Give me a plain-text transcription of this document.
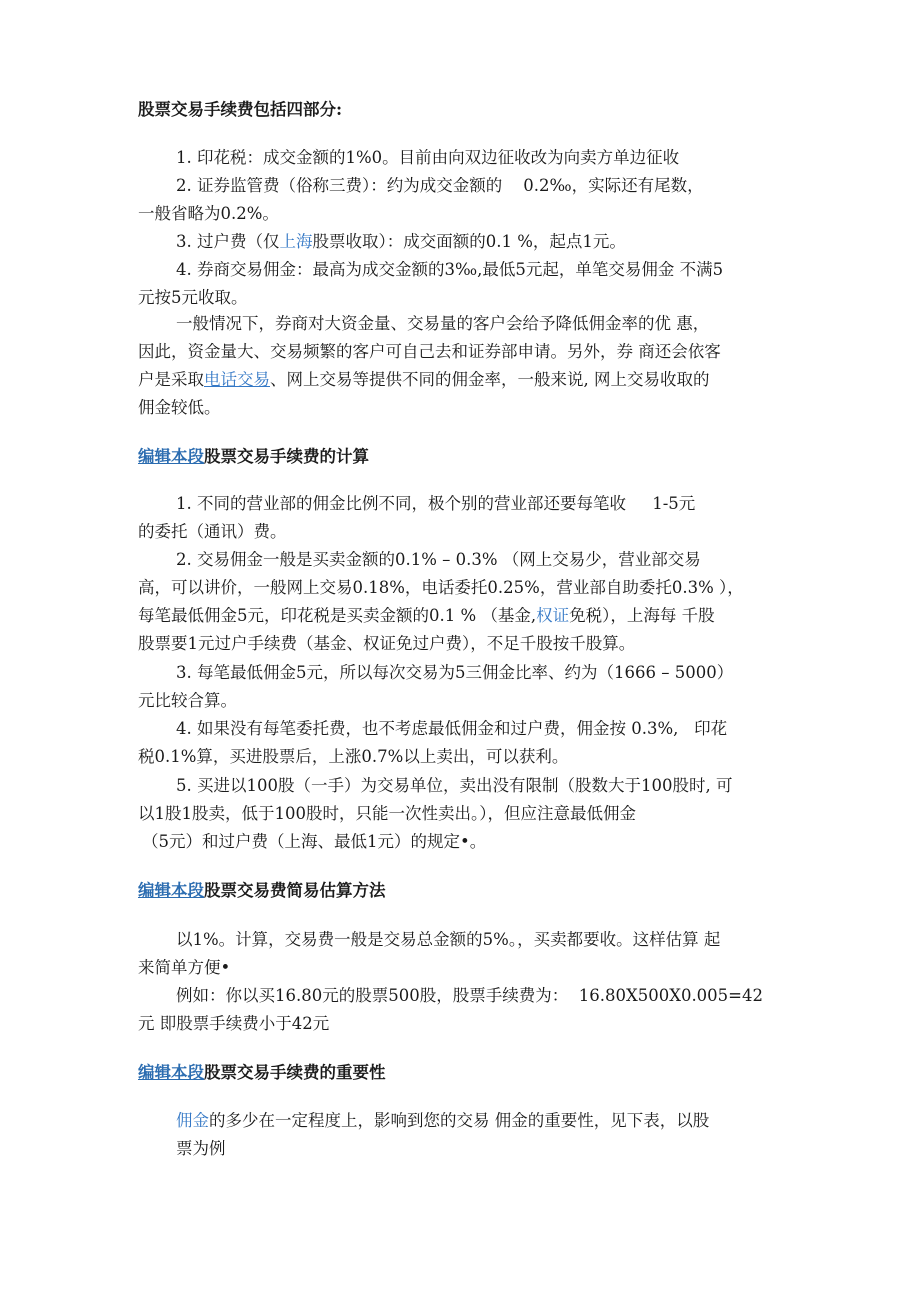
股票交易手续费包括四部分:
1. 印花税：成交金额的1%0。目前由向双边征收改为向卖方单边征收
2. 证券监管费（俗称三费）：约为成交金额的    0.2‰，实际还有尾数，
一般省略为0.2%。
3. 过户费（仅上海股票收取）：成交面额的0.1 %，起点1元。
4. 券商交易佣金：最高为成交金额的3‰,最低5元起，单笔交易佣金 不满5
元按5元收取。
一般情况下，券商对大资金量、交易量的客户会给予降低佣金率的优 惠，
因此，资金量大、交易频繁的客户可自己去和证券部申请。另外，券 商还会依客
户是采取电话交易、网上交易等提供不同的佣金率，一般来说, 网上交易收取的
佣金较低。
编辑本段股票交易手续费的计算
1. 不同的营业部的佣金比例不同，极个别的营业部还要每笔收     1-5元
的委托（通讯）费。
2. 交易佣金一般是买卖金额的0.1% – 0.3% （网上交易少，营业部交易
高，可以讲价，一般网上交易0.18%，电话委托0.25%，营业部自助委托0.3% ），
每笔最低佣金5元，印花税是买卖金额的0.1 % （基金,权证免税），上海每 千股
股票要1元过户手续费（基金、权证免过户费），不足千股按千股算。
3. 每笔最低佣金5元，所以每次交易为5三佣金比率、约为（1666 – 5000）
元比较合算。
4. 如果没有每笔委托费，也不考虑最低佣金和过户费，佣金按 0.3%,   印花
税0.1%算，买进股票后，上涨0.7%以上卖出，可以获利。
5. 买进以100股（一手）为交易单位，卖出没有限制（股数大于100股时, 可
以1股1股卖，低于100股时，只能一次性卖出。），但应注意最低佣金
（5元）和过户费（上海、最低1元）的规定•。
编辑本段股票交易费简易估算方法
以1%。计算，交易费一般是交易总金额的5%。，买卖都要收。这样估算 起
来简单方便•
例如：你以买16.80元的股票500股，股票手续费为：  16.80X500X0.005=42
元 即股票手续费小于42元
编辑本段股票交易手续费的重要性
佣金的多少在一定程度上，影响到您的交易 佣金的重要性，见下表，以股
票为例
